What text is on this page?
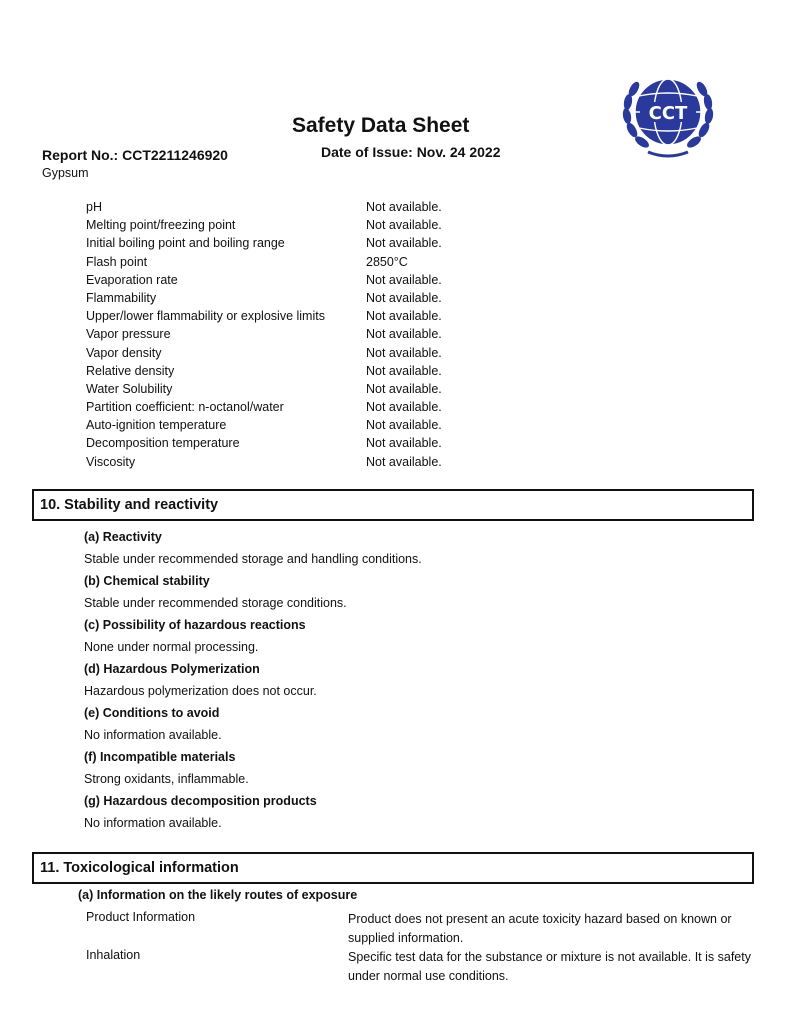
CCT
Safety Data Sheet
Report No.: CCT2211246920	Date of Issue: Nov. 24 2022
Gypsum
pH	Not available.
Melting point/freezing point	Not available.
Initial boiling point and boiling range	Not available.
Flash point	2850°C
Evaporation rate	Not available.
Flammability	Not available.
Upper/lower flammability or explosive limits	Not available.
Vapor pressure	Not available.
Vapor density	Not available.
Relative density	Not available.
Water Solubility	Not available.
Partition coefficient: n-octanol/water	Not available.
Auto-ignition temperature	Not available.
Decomposition temperature	Not available.
Viscosity	Not available.
10. Stability and reactivity
(a) Reactivity
Stable under recommended storage and handling conditions.
(b) Chemical stability
Stable under recommended storage conditions.
(c) Possibility of hazardous reactions
None under normal processing.
(d) Hazardous Polymerization
Hazardous polymerization does not occur.
(e) Conditions to avoid
No information available.
(f) Incompatible materials
Strong oxidants, inflammable.
(g) Hazardous decomposition products
No information available.
11. Toxicological information
(a) Information on the likely routes of exposure
Product Information	Product does not present an acute toxicity hazard based on known or supplied information.
Inhalation	Specific test data for the substance or mixture is not available. It is safety under normal use conditions.
